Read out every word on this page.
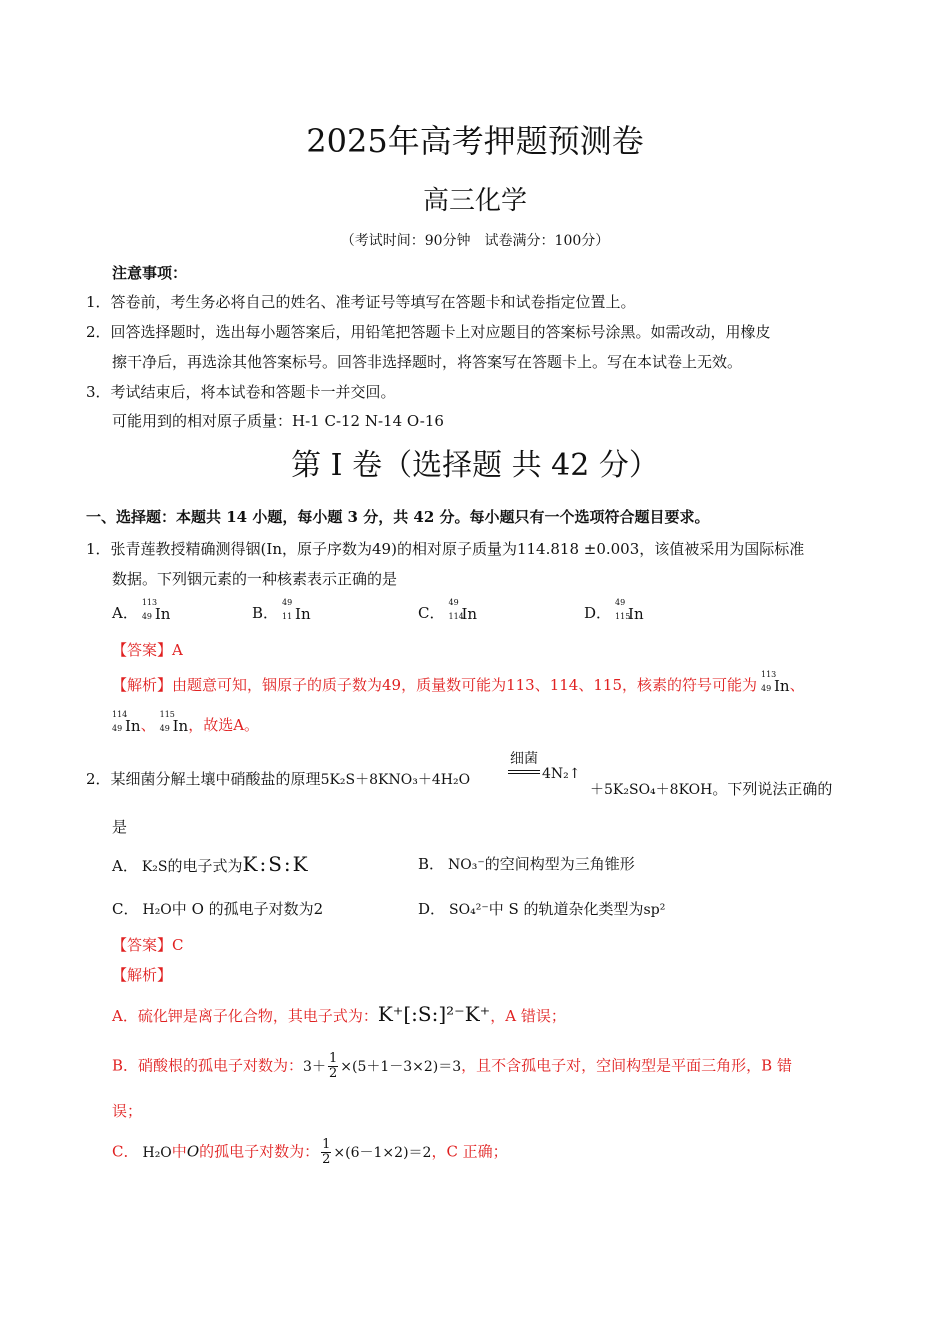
2025年高考押题预测卷
高三化学
（考试时间：90分钟　试卷满分：100分）
注意事项：
1．答卷前，考生务必将自己的姓名、准考证号等填写在答题卡和试卷指定位置上。
2．回答选择题时，选出每小题答案后，用铅笔把答题卡上对应题目的答案标号涂黑。如需改动，用橡皮
擦干净后，再选涂其他答案标号。回答非选择题时，将答案写在答题卡上。写在本试卷上无效。
3．考试结束后，将本试卷和答题卡一并交回。
可能用到的相对原子质量：H-1 C-12 N-14 O-16
第 I 卷（选择题 共 42 分）
一、选择题：本题共 14 小题，每小题 3 分，共 42 分。每小题只有一个选项符合题目要求。
1．张青莲教授精确测得铟(In，原子序数为49)的相对原子质量为114.818 ±0.003，该值被采用为国际标准
数据。下列铟元素的一种核素表示正确的是
A．
113
49 In	B．
49
11 In	C．
49
114
In	D．
49
115
In
【答案】A
【解析】由题意可知，铟原子的质子数为49，质量数可能为113、114、115，核素的符号可能为
113
49 In、
114
49 In、
115
49 In，故选A。
2．某细菌分解土壤中硝酸盐的原理5K₂S＋8KNO₃＋4H₂O
细菌
4N₂↑
＋5K₂SO₄＋8KOH。下列说法正确的
是
A． K₂S的电子式为K:S:K	B． NO₃⁻的空间构型为三角锥形
C． H₂O中 O 的孤电子对数为2	D． SO₄²⁻中 S 的轨道杂化类型为sp²
【答案】C
【解析】
A．硫化钾是离子化合物，其电子式为：K⁺[:S:]²⁻K⁺，A 错误；
B．硝酸根的孤电子对数为：$3+ \frac{1}{2} \times(5+1-3\times 2)=3$，且不含孤电子对，空间构型是平面三角形，B 错
误；
C． H₂O中O的孤电子对数为： $\frac{1}{2} \times(6-1\times 2)=2$，C 正确；
